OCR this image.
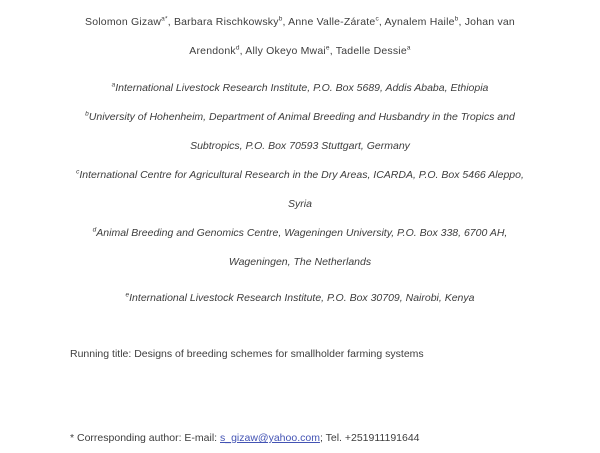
Solomon Gizaw$^{a*}$, Barbara Rischkowsky$^b$, Anne Valle-Zárate$^c$, Aynalem Haile$^b$, Johan van
Arendonk$^d$, Ally Okeyo Mwai$^e$, Tadelle Dessie$^a$

$^a$International Livestock Research Institute, P.O. Box 5689, Addis Ababa, Ethiopia

$^b$University of Hohenheim, Department of Animal Breeding and Husbandry in the Tropics and
Subtropics, P.O. Box 70593 Stuttgart, Germany

$^c$International Centre for Agricultural Research in the Dry Areas, ICARDA, P.O. Box 5466 Aleppo,
Syria

$^d$Animal Breeding and Genomics Centre, Wageningen University, P.O. Box 338, 6700 AH,
Wageningen, The Netherlands

$^e$International Livestock Research Institute, P.O. Box 30709, Nairobi, Kenya

Running title: Designs of breeding schemes for smallholder farming systems

* Corresponding author: E-mail: s_gizaw@yahoo.com; Tel. +251911191644
